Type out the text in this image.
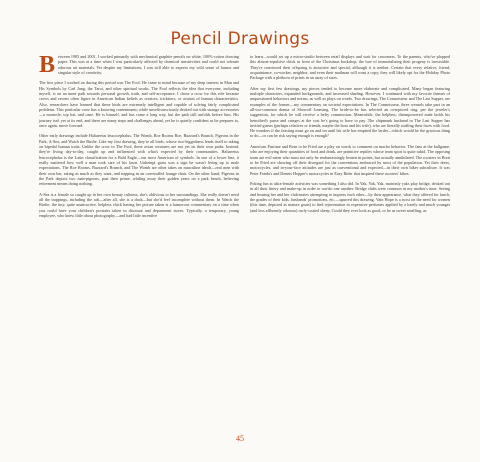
Pencil Drawings

Between 1985 and 2001, I worked primarily with mechanical graphite pencils on white, 100%-cotton drawing paper. This was at a time when I was particularly affected by chemical sensitivities and could not tolerate odorous art materials. Yet despite my limitations, I was still able to express my wild sense of humor and singular style of creativity.

The first piece I worked on during this period was The Fool. He came to mind because of my deep interest in Man and His Symbols by Carl Jung, the Tarot, and other spiritual works. The Fool reflects the idea that everyone, including myself, is on an inner path towards personal growth, truth, and self-acceptance. I chose a crow for this role because crows and ravens often figure in American Indian beliefs as creators, tricksters, or avatars of human characteristics. Also, researchers have learned that these birds are extremely intelligent and capable of solving fairly complicated problems. This particular crow has a knowing contentment; while unselfconsciously decked out with strange accessories—a monocle, top hat, and cane. He is himself, and has come a long way, but the path still unfolds before him. His journey isn't yet at its end, and there are many steps and challenges ahead, yet he is quietly confident as he prepares to, once again, move forward.

Other early drawings include Haliaeetus leucocephalus, The Womb, Roe Rooms Roe, Buzzard's Brunch, Pigeons in the Park, A-Sea, and Watch the Birdie. Like my first drawing, they're all birds, whose two-leggedness lends itself to taking on bipedal human traits. Unlike the crow in The Fool, these avian creatures are not yet on their own paths. Instead, they're living day-to-day, caught up and influenced with what's expected by their communities. Haliaeetus leucocephalus is the Latin classification for a Bald Eagle—our most American of symbols. In one of a lower line, it really mattered how well a man took care of his lawn. Unkempt grass was a sign he wasn't living up to male expectations. The Roe Rooms, Buzzard's Brunch, and The Womb are other takes on masculine ideals—real men with their own bar, eating as much as they want, and napping in an overstuffed lounge chair. On the other hand, Pigeons in the Park depicts two man-pigeons, past their prime, whiling away their golden years on a park bench, believing retirement means doing nothing.

A-Sea is a female so caught up in her own beauty cultness, she's oblivious to her surroundings. She really doesn't need all the trappings, including the raft—after all, she is a duck—but she'd feel incomplete without them. In Watch the Birdie, the tiny, quite unattractive, helpless chick having her picture taken is a humorous commentary on a time when you could have your children's portraits taken in discount and department stores. Typically, a temporary, young employee, who knew little about photography—and had little incentive

to learn—would set up a micro-studio between retail displays and wait for customers. To the parents, who've plopped this almost-repulsive chick in front of the Christmas backdrop, the lure of immortalizing their progeny is irresistible. They're convinced their offspring is attractive and special, although it is neither. Certain that every relative, friend, acquaintance, co-worker, neighbor, and even their mailman will want a copy, they will likely opt for the Holiday Photo Package with a plethora of prints in an array of sizes.

After my first few drawings, my pieces tended to become more elaborate and complicated. Many began featuring multiple characters, expanded backgrounds, and increased shading. However, I continued with my favorite themes of unquestioned behaviors and norms, as well as plays on words. Two drawings, The Connoisseur and The Last Supper, are examples of the former—my commentary on societal expectations. In The Connoisseur, three weasels take part in an all-too-common drama of Showoff Jonesing. The bride-to-be has selected an overpriced ring, per the jeweler's suggestion, for which he will receive a hefty commission. Meanwhile, the helpless, disempowered male holds his betrothed's purse and cringes at the cost he's going to have to pay. The chipmunk husband in The Last Supper has invited guests (perhaps relatives or friends, maybe the boss and his wife), who are literally stuffing their faces with food. He wonders if the feasting must go on and on until his wife has emptied the larder—which would be the gracious thing to do—or can he risk saying enough is enough?

American Pastime and Born to be Fried are a play on words to comment on macho behavior. The fans at the ballgame, who are enjoying their quantities of food and drink, are primitive reptiles whose team sport is quite rabid. The opposing team are evil eaten who must not only be embarrassingly beaten in points, but actually annihilated. The roosters in Born to be Fried are showing off their disregard for the conventions embraced by most of the population. Yet their dress, motorcycles, and in-your-face attitudes are just as conventional and expected—in their own biker subculture. It was Peter Fonda's and Dennis Hopper's motorcycles in Easy Rider that inspired these roosters' bikes.

Poking fun at ultra-female activities was something I also did. In Yak, Yak, Yak, matronly yaks play bridge, decked out in all their finery and make-up in order to out-do one another. Bridge clubs were common in my mother's time. Seeing and hearing her and her club-mates attempting to impress each other—by their appearance, what they offered for lunch, the grades of their kids, husbands' promotions, etc.—spurred this drawing. Vain Hope is a twist on the need for women (this time, depicted as mature goats) to find rejuvenation in expensive perfumes applied by a lonely and much younger (and less affluently odorous) curly-coated sheep. Could they ever look as good, or be as sweet smelling, as

45
